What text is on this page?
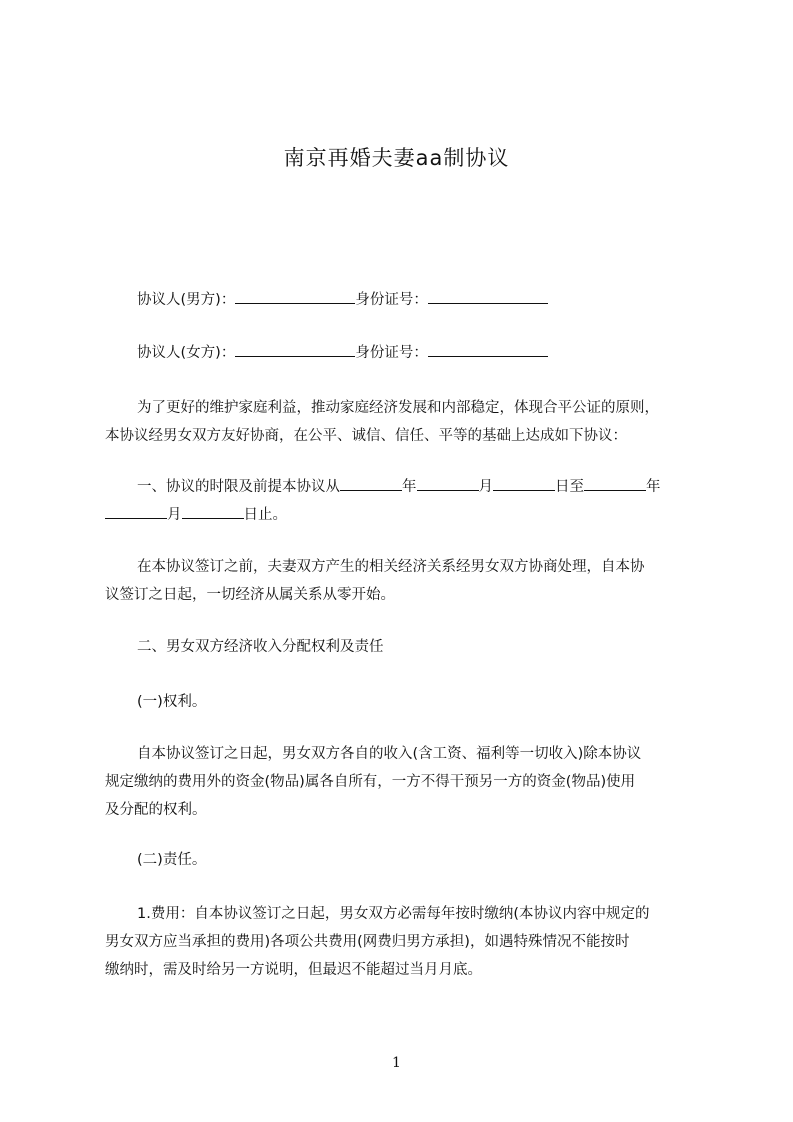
南京再婚夫妻aa制协议
协议人(男方)：	身份证号：
协议人(女方)：	身份证号：
为了更好的维护家庭利益，推动家庭经济发展和内部稳定，体现合平公证的原则，
本协议经男女双方友好协商，在公平、诚信、信任、平等的基础上达成如下协议：
一、协议的时限及前提本协议从	年	月	日至	年
月	日止。
在本协议签订之前，夫妻双方产生的相关经济关系经男女双方协商处理，自本协
议签订之日起，一切经济从属关系从零开始。
二、男女双方经济收入分配权利及责任
(一)权利。
自本协议签订之日起，男女双方各自的收入(含工资、福利等一切收入)除本协议
规定缴纳的费用外的资金(物品)属各自所有，一方不得干预另一方的资金(物品)使用
及分配的权利。
(二)责任。
1.费用：自本协议签订之日起，男女双方必需每年按时缴纳(本协议内容中规定的
男女双方应当承担的费用)各项公共费用(网费归男方承担)，如遇特殊情况不能按时
缴纳时，需及时给另一方说明，但最迟不能超过当月月底。
1
